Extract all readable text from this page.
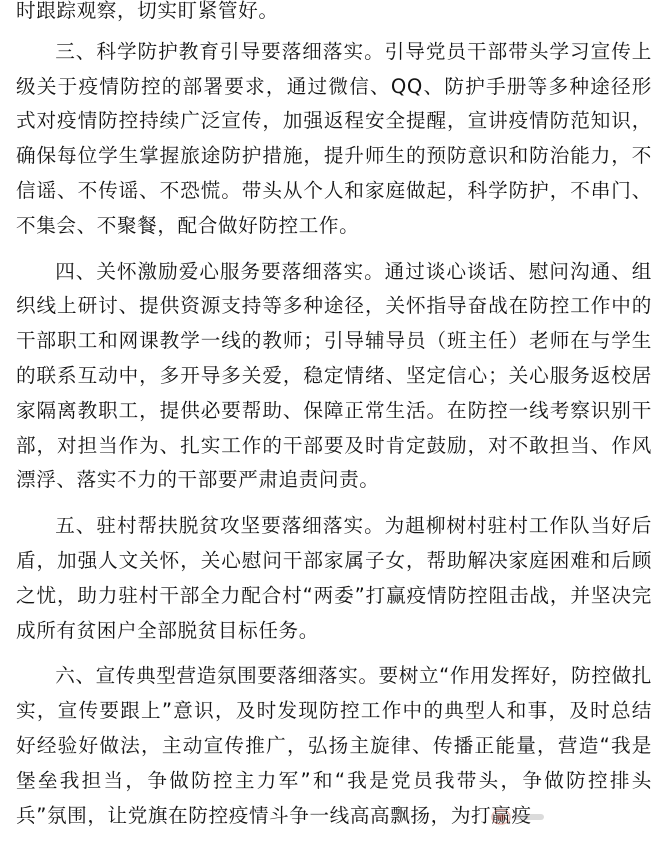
时跟踪观察，切实盯紧管好。

三、科学防护教育引导要落细落实。引导党员干部带头学习宣传上级关于疫情防控的部署要求，通过微信、QQ、防护手册等多种途径形式对疫情防控持续广泛宣传，加强返程安全提醒，宣讲疫情防范知识，确保每位学生掌握旅途防护措施，提升师生的预防意识和防治能力，不信谣、不传谣、不恐慌。带头从个人和家庭做起，科学防护，不串门、不集会、不聚餐，配合做好防控工作。

四、关怀激励爱心服务要落细落实。通过谈心谈话、慰问沟通、组织线上研讨、提供资源支持等多种途径，关怀指导奋战在防控工作中的干部职工和网课教学一线的教师；引导辅导员（班主任）老师在与学生的联系互动中，多开导多关爱，稳定情绪、坚定信心；关心服务返校居家隔离教职工，提供必要帮助、保障正常生活。在防控一线考察识别干部，对担当作为、扎实工作的干部要及时肯定鼓励，对不敢担当、作风漂浮、落实不力的干部要严肃追责问责。

五、驻村帮扶脱贫攻坚要落细落实。为趄柳树村驻村工作队当好后盾，加强人文关怀，关心慰问干部家属子女，帮助解决家庭困难和后顾之忧，助力驻村干部全力配合村“两委”打赢疫情防控阻击战，并坚决完成所有贫困户全部脱贫目标任务。

六、宣传典型营造氛围要落细落实。要树立“作用发挥好，防控做扎实，宣传要跟上”意识，及时发现防控工作中的典型人和事，及时总结好经验好做法，主动宣传推广，弘扬主旋律、传播正能量，营造“我是堡垒我担当，争做防控主力军”和“我是党员我带头，争做防控排头兵”氛围，让党旗在防控疫情斗争一线高高飘扬，为打赢疫
